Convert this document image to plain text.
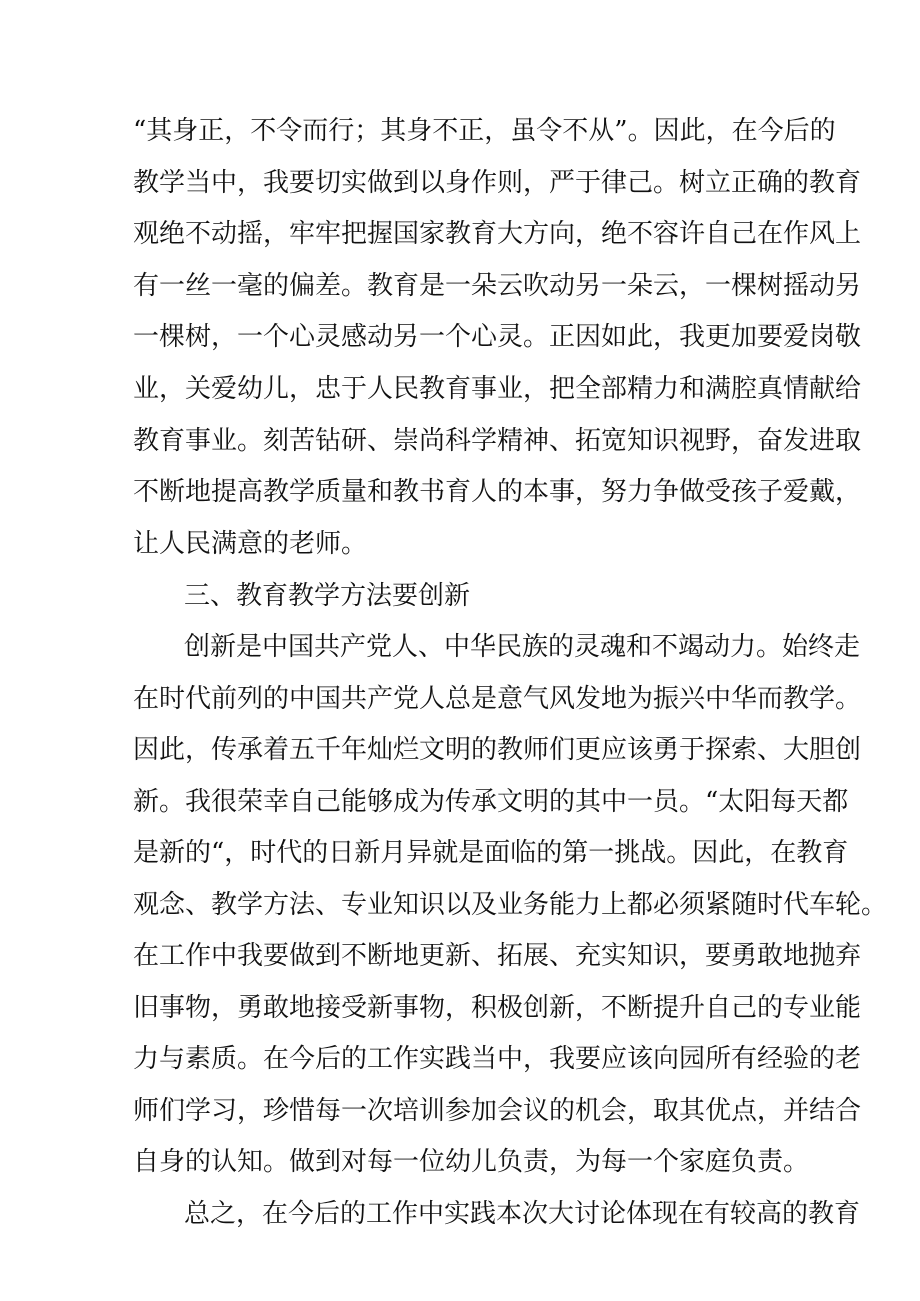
“其身正，不令而行；其身不正，虽令不从”。因此，在今后的
教学当中，我要切实做到以身作则，严于律己。树立正确的教育
观绝不动摇，牢牢把握国家教育大方向，绝不容许自己在作风上
有一丝一毫的偏差。教育是一朵云吹动另一朵云，一棵树摇动另
一棵树，一个心灵感动另一个心灵。正因如此，我更加要爱岗敬
业，关爱幼儿，忠于人民教育事业，把全部精力和满腔真情献给
教育事业。刻苦钻研、崇尚科学精神、拓宽知识视野，奋发进取
不断地提高教学质量和教书育人的本事，努力争做受孩子爱戴，
让人民满意的老师。
三、教育教学方法要创新
创新是中国共产党人、中华民族的灵魂和不竭动力。始终走
在时代前列的中国共产党人总是意气风发地为振兴中华而教学。
因此，传承着五千年灿烂文明的教师们更应该勇于探索、大胆创
新。我很荣幸自己能够成为传承文明的其中一员。“太阳每天都
是新的“，时代的日新月异就是面临的第一挑战。因此，在教育
观念、教学方法、专业知识以及业务能力上都必须紧随时代车轮。
在工作中我要做到不断地更新、拓展、充实知识，要勇敢地抛弃
旧事物，勇敢地接受新事物，积极创新，不断提升自己的专业能
力与素质。在今后的工作实践当中，我要应该向园所有经验的老
师们学习，珍惜每一次培训参加会议的机会，取其优点，并结合
自身的认知。做到对每一位幼儿负责，为每一个家庭负责。
总之，在今后的工作中实践本次大讨论体现在有较高的教育
